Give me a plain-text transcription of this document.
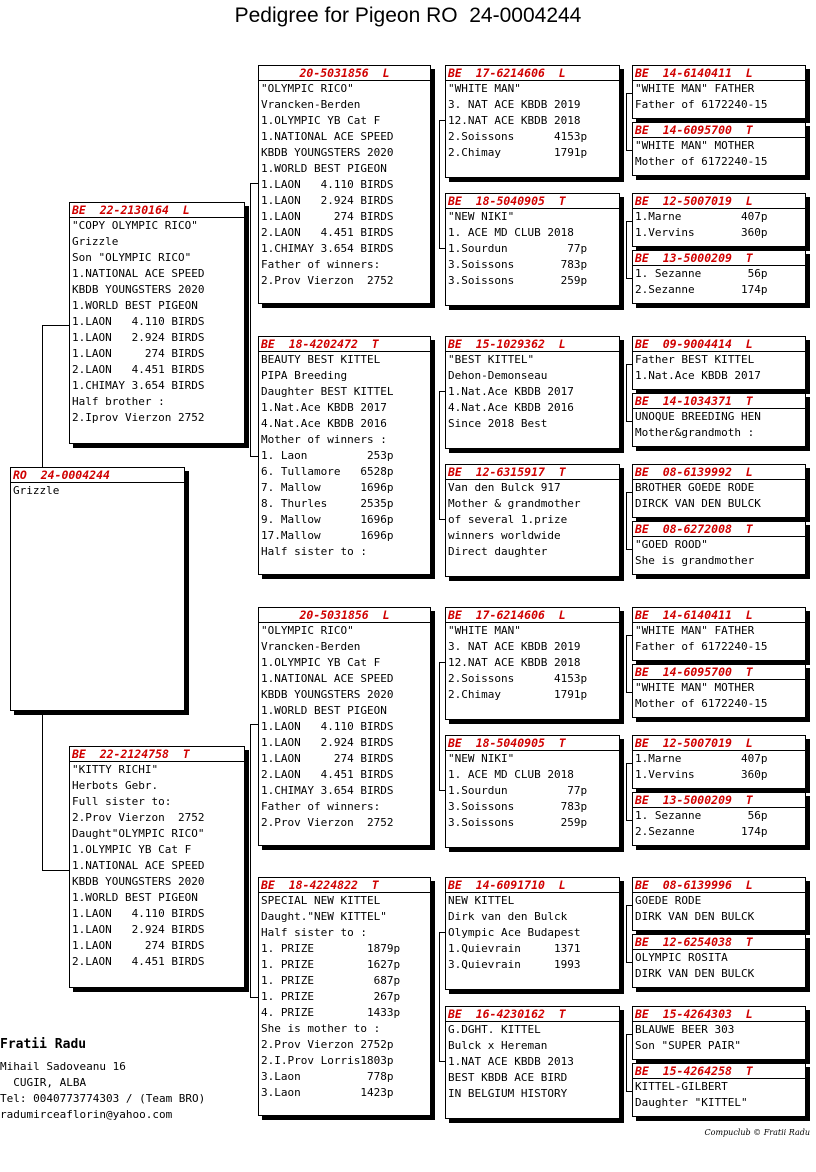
Pedigree for Pigeon RO  24-0004244
RO  24-0004244
Grizzle
BE  22-2130164  L
"COPY OLYMPIC RICO"
Grizzle
Son "OLYMPIC RICO"
1.NATIONAL ACE SPEED
KBDB YOUNGSTERS 2020
1.WORLD BEST PIGEON
1.LAON   4.110 BIRDS
1.LAON   2.924 BIRDS
1.LAON     274 BIRDS
2.LAON   4.451 BIRDS
1.CHIMAY 3.654 BIRDS
Half brother :
2.Iprov Vierzon 2752
BE  22-2124758  T
"KITTY RICHI"
Herbots Gebr.
Full sister to:
2.Prov Vierzon  2752
Daught"OLYMPIC RICO"
1.OLYMPIC YB Cat F
1.NATIONAL ACE SPEED
KBDB YOUNGSTERS 2020
1.WORLD BEST PIGEON
1.LAON   4.110 BIRDS
1.LAON   2.924 BIRDS
1.LAON     274 BIRDS
2.LAON   4.451 BIRDS
20-5031856  L
"OLYMPIC RICO"
Vrancken-Berden
1.OLYMPIC YB Cat F
1.NATIONAL ACE SPEED
KBDB YOUNGSTERS 2020
1.WORLD BEST PIGEON
1.LAON   4.110 BIRDS
1.LAON   2.924 BIRDS
1.LAON     274 BIRDS
2.LAON   4.451 BIRDS
1.CHIMAY 3.654 BIRDS
Father of winners:
2.Prov Vierzon  2752
BE  18-4202472  T
BEAUTY BEST KITTEL
PIPA Breeding
Daughter BEST KITTEL
1.Nat.Ace KBDB 2017
4.Nat.Ace KBDB 2016
Mother of winners :
1. Laon         253p
6. Tullamore   6528p
7. Mallow      1696p
8. Thurles     2535p
9. Mallow      1696p
17.Mallow      1696p
Half sister to :
20-5031856  L
"OLYMPIC RICO"
Vrancken-Berden
1.OLYMPIC YB Cat F
1.NATIONAL ACE SPEED
KBDB YOUNGSTERS 2020
1.WORLD BEST PIGEON
1.LAON   4.110 BIRDS
1.LAON   2.924 BIRDS
1.LAON     274 BIRDS
2.LAON   4.451 BIRDS
1.CHIMAY 3.654 BIRDS
Father of winners:
2.Prov Vierzon  2752
BE  18-4224822  T
SPECIAL NEW KITTEL
Daught."NEW KITTEL"
Half sister to :
1. PRIZE        1879p
1. PRIZE        1627p
1. PRIZE         687p
1. PRIZE         267p
4. PRIZE        1433p
She is mother to :
2.Prov Vierzon 2752p
2.I.Prov Lorris1803p
3.Laon          778p
3.Laon         1423p
BE  17-6214606  L
"WHITE MAN"
3. NAT ACE KBDB 2019
12.NAT ACE KBDB 2018
2.Soissons      4153p
2.Chimay        1791p
BE  18-5040905  T
"NEW NIKI"
1. ACE MD CLUB 2018
1.Sourdun         77p
3.Soissons       783p
3.Soissons       259p
BE  15-1029362  L
"BEST KITTEL"
Dehon-Demonseau
1.Nat.Ace KBDB 2017
4.Nat.Ace KBDB 2016
Since 2018 Best
BE  12-6315917  T
Van den Bulck 917
Mother & grandmother
of several 1.prize
winners worldwide
Direct daughter
BE  17-6214606  L
"WHITE MAN"
3. NAT ACE KBDB 2019
12.NAT ACE KBDB 2018
2.Soissons      4153p
2.Chimay        1791p
BE  18-5040905  T
"NEW NIKI"
1. ACE MD CLUB 2018
1.Sourdun         77p
3.Soissons       783p
3.Soissons       259p
BE  14-6091710  L
NEW KITTEL
Dirk van den Bulck
Olympic Ace Budapest
1.Quievrain     1371
3.Quievrain     1993
BE  16-4230162  T
G.DGHT. KITTEL
Bulck x Hereman
1.NAT ACE KBDB 2013
BEST KBDB ACE BIRD
IN BELGIUM HISTORY
BE  14-6140411  L
"WHITE MAN" FATHER
Father of 6172240-15
BE  14-6095700  T
"WHITE MAN" MOTHER
Mother of 6172240-15
BE  12-5007019  L
1.Marne         407p
1.Vervins       360p
BE  13-5000209  T
1. Sezanne       56p
2.Sezanne       174p
BE  09-9004414  L
Father BEST KITTEL
1.Nat.Ace KBDB 2017
BE  14-1034371  T
UNOQUE BREEDING HEN
Mother&grandmoth :
BE  08-6139992  L
BROTHER GOEDE RODE
DIRCK VAN DEN BULCK
BE  08-6272008  T
"GOED ROOD"
She is grandmother
BE  14-6140411  L
"WHITE MAN" FATHER
Father of 6172240-15
BE  14-6095700  T
"WHITE MAN" MOTHER
Mother of 6172240-15
BE  12-5007019  L
1.Marne         407p
1.Vervins       360p
BE  13-5000209  T
1. Sezanne       56p
2.Sezanne       174p
BE  08-6139996  L
GOEDE RODE
DIRK VAN DEN BULCK
BE  12-6254038  T
OLYMPIC ROSITA
DIRK VAN DEN BULCK
BE  15-4264303  L
BLAUWE BEER 303
Son "SUPER PAIR"
BE  15-4264258  T
KITTEL-GILBERT
Daughter "KITTEL"
Fratii Radu
Mihail Sadoveanu 16
CUGIR, ALBA
Tel: 0040773774303 / (Team BRO)
radumirceaflorin@yahoo.com
Compuclub © Fratii Radu
